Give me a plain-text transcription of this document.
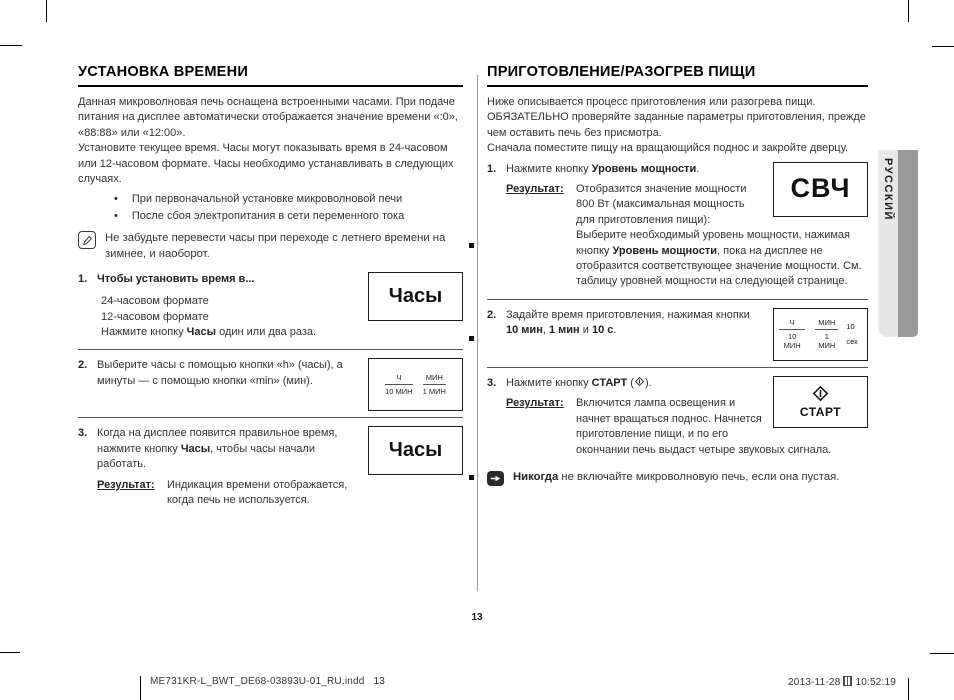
УСТАНОВКА ВРЕМЕНИ

Данная микроволновая печь оснащена встроенными часами. При подаче питания на дисплее автоматически отображается значение времени «:0», «88:88» или «12:00».

Установите текущее время. Часы могут показывать время в 24-часовом или 12-часовом формате. Часы необходимо устанавливать в следующих случаях.

• При первоначальной установке микроволновой печи
• После сбоя электропитания в сети переменного тока
Не забудьте перевести часы при переходе с летнего времени на зимнее, и наоборот.
1.
Часы

Чтобы установить время в...

24-часовом формате

12-часовом формате

Нажмите кнопку Часы один или два раза.

2.
$\frac{Ч}{\text{10 МИН}} \frac{\text{МИН}}{\text{1 МИН}}$

Выберите часы с помощью кнопки «h» (часы), а минуты — с помощью кнопки «min» (мин).

3.
Часы

Когда на дисплее появится правильное время, нажмите кнопку Часы, чтобы часы начали работать.

Результат: Индикация времени отображается, когда печь не используется.

ПРИГОТОВЛЕНИЕ/РАЗОГРЕВ ПИЩИ

Ниже описывается процесс приготовления или разогрева пищи.

ОБЯЗАТЕЛЬНО проверяйте заданные параметры приготовления, прежде чем оставить печь без присмотра.

Сначала поместите пищу на вращающийся поднос и закройте дверцу.

1.
СВЧ

Нажмите кнопку Уровень мощности.

Результат: Отобразится значение мощности 800 Вт (максимальная мощность для приготовления пищи):

Выберите необходимый уровень мощности, нажимая кнопку Уровень мощности, пока на дисплее не отобразится соответствующее значение мощности. См. таблицу уровней мощности на следующей странице.

2.
$\frac{Ч}{\text{10 МИН}} \frac{\text{МИН}}{\text{1 МИН}} 10$ сек

Задайте время приготовления, нажимая кнопки 10 мин, 1 мин и 10 с.

3.
СТАРТ

Нажмите кнопку СТАРТ ( ).

Результат: Включится лампа освещения и начнет вращаться поднос. Начнется приготовление пищи, и по его окончании печь выдаст четыре звуковых сигнала.

Никогда не включайте микроволновую печь, если она пустая.
РУССКИЙ
13
ME731KR-L_BWT_DE68-03893U-01_RU.indd 13	2013-11-28 10:52:19
